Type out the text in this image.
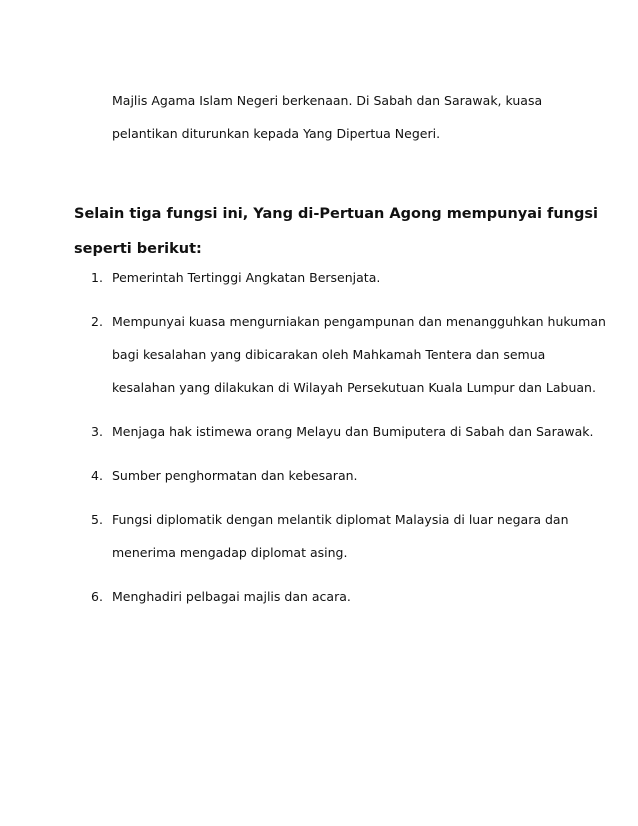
Majlis Agama Islam Negeri berkenaan. Di Sabah dan Sarawak, kuasa
pelantikan diturunkan kepada Yang Dipertua Negeri.

Selain tiga fungsi ini, Yang di-Pertuan Agong mempunyai fungsi
seperti berikut:

1. Pemerintah Tertinggi Angkatan Bersenjata.
2. Mempunyai kuasa mengurniakan pengampunan dan menangguhkan hukuman
bagi kesalahan yang dibicarakan oleh Mahkamah Tentera dan semua
kesalahan yang dilakukan di Wilayah Persekutuan Kuala Lumpur dan Labuan.
3. Menjaga hak istimewa orang Melayu dan Bumiputera di Sabah dan Sarawak.
4. Sumber penghormatan dan kebesaran.
5. Fungsi diplomatik dengan melantik diplomat Malaysia di luar negara dan
menerima mengadap diplomat asing.
6. Menghadiri pelbagai majlis dan acara.
